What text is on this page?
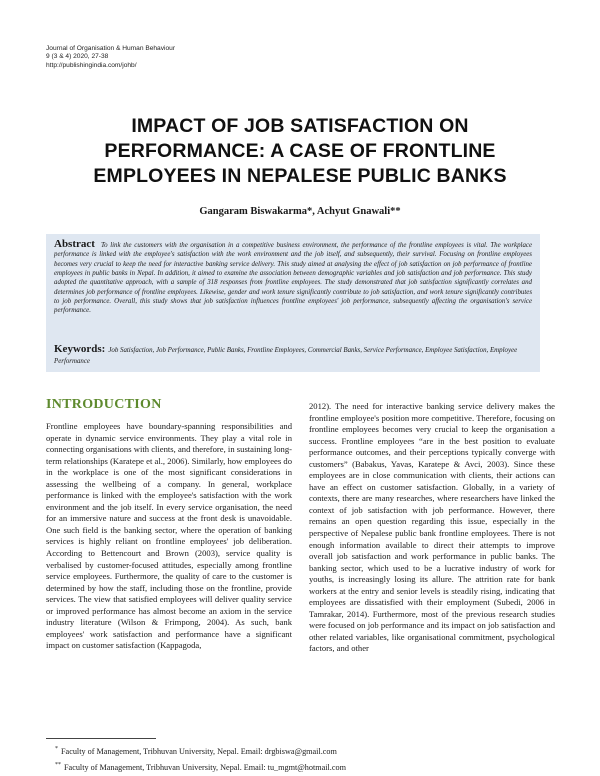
Journal of Organisation & Human Behaviour
9 (3 & 4) 2020, 27-38
http://publishingindia.com/johb/
IMPACT OF JOB SATISFACTION ON
PERFORMANCE: A CASE OF FRONTLINE
EMPLOYEES IN NEPALESE PUBLIC BANKS
Gangaram Biswakarma*, Achyut Gnawali**

Abstract To link the customers with the organisation in a competitive business environment, the performance of the frontline employees is vital. The workplace performance is linked with the employee's satisfaction with the work environment and the job itself, and subsequently, their survival. Focusing on frontline employees becomes very crucial to keep the need for interactive banking service delivery. This study aimed at analysing the effect of job satisfaction on job performance of frontline employees in public banks in Nepal. In addition, it aimed to examine the association between demographic variables and job satisfaction and job performance. This study adopted the quantitative approach, with a sample of 318 responses from frontline employees. The study demonstrated that job satisfaction significantly correlates and determines job performance of frontline employees. Likewise, gender and work tenure significantly contribute to job satisfaction, and work tenure significantly contributes to job performance. Overall, this study shows that job satisfaction influences frontline employees' job performance, subsequently affecting the organisation's service performance.

Keywords: Job Satisfaction, Job Performance, Public Banks, Frontline Employees, Commercial Banks, Service Performance, Employee Satisfaction, Employee Performance

INTRODUCTION

Frontline employees have boundary-spanning responsibilities and operate in dynamic service environments. They play a vital role in connecting organisations with clients, and therefore, in sustaining long-term relationships (Karatepe et al., 2006). Similarly, how employees do in the workplace is one of the most significant considerations in assessing the wellbeing of a company. In general, workplace performance is linked with the employee's satisfaction with the work environment and the job itself. In every service organisation, the need for an immersive nature and success at the front desk is unavoidable. One such field is the banking sector, where the operation of banking services is highly reliant on frontline employees' job deliberation. According to Bettencourt and Brown (2003), service quality is verbalised by customer-focused attitudes, especially among frontline service employees. Furthermore, the quality of care to the customer is determined by how the staff, including those on the frontline, provide services. The view that satisfied employees will deliver quality service or improved performance has almost become an axiom in the service industry literature (Wilson & Frimpong, 2004). As such, bank employees' work satisfaction and performance have a significant impact on customer satisfaction (Kappagoda,

2012). The need for interactive banking service delivery makes the frontline employee's position more competitive. Therefore, focusing on frontline employees becomes very crucial to keep the organisation a success. Frontline employees “are in the best position to evaluate performance outcomes, and their perceptions typically converge with customers” (Babakus, Yavas, Karatepe & Avci, 2003). Since these employees are in close communication with clients, their actions can have an effect on customer satisfaction. Globally, in a variety of contexts, there are many researches, where researchers have linked the context of job satisfaction with job performance. However, there remains an open question regarding this issue, especially in the perspective of Nepalese public bank frontline employees. There is not enough information available to direct their attempts to improve overall job satisfaction and work performance in public banks. The banking sector, which used to be a lucrative industry of work for youths, is increasingly losing its allure. The attrition rate for bank workers at the entry and senior levels is steadily rising, indicating that employees are dissatisfied with their employment (Subedi, 2006 in Tamrakar, 2014). Furthermore, most of the previous research studies were focused on job performance and its impact on job satisfaction and other related variables, like organisational commitment, psychological factors, and other

* Faculty of Management, Tribhuvan University, Nepal. Email: drgbiswa@gmail.com
** Faculty of Management, Tribhuvan University, Nepal. Email: tu_mgmt@hotmail.com
